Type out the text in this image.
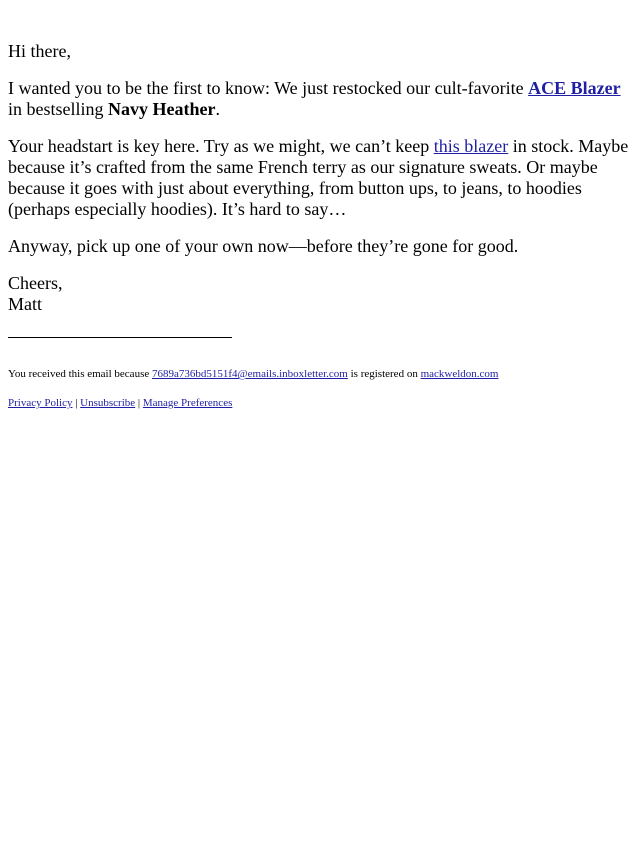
Hi there,

I wanted you to be the first to know: We just restocked our cult-favorite ACE Blazer in bestselling Navy Heather.

Your headstart is key here. Try as we might, we can’t keep this blazer in stock. Maybe because it’s crafted from the same French terry as our signature sweats. Or maybe because it goes with just about everything, from button ups, to jeans, to hoodies (perhaps especially hoodies). It’s hard to say…

Anyway, pick up one of your own now—before they’re gone for good.

Cheers,
Matt

You received this email because 7689a736bd5151f4@emails.inboxletter.com is registered on mackweldon.com

Privacy Policy | Unsubscribe | Manage Preferences
